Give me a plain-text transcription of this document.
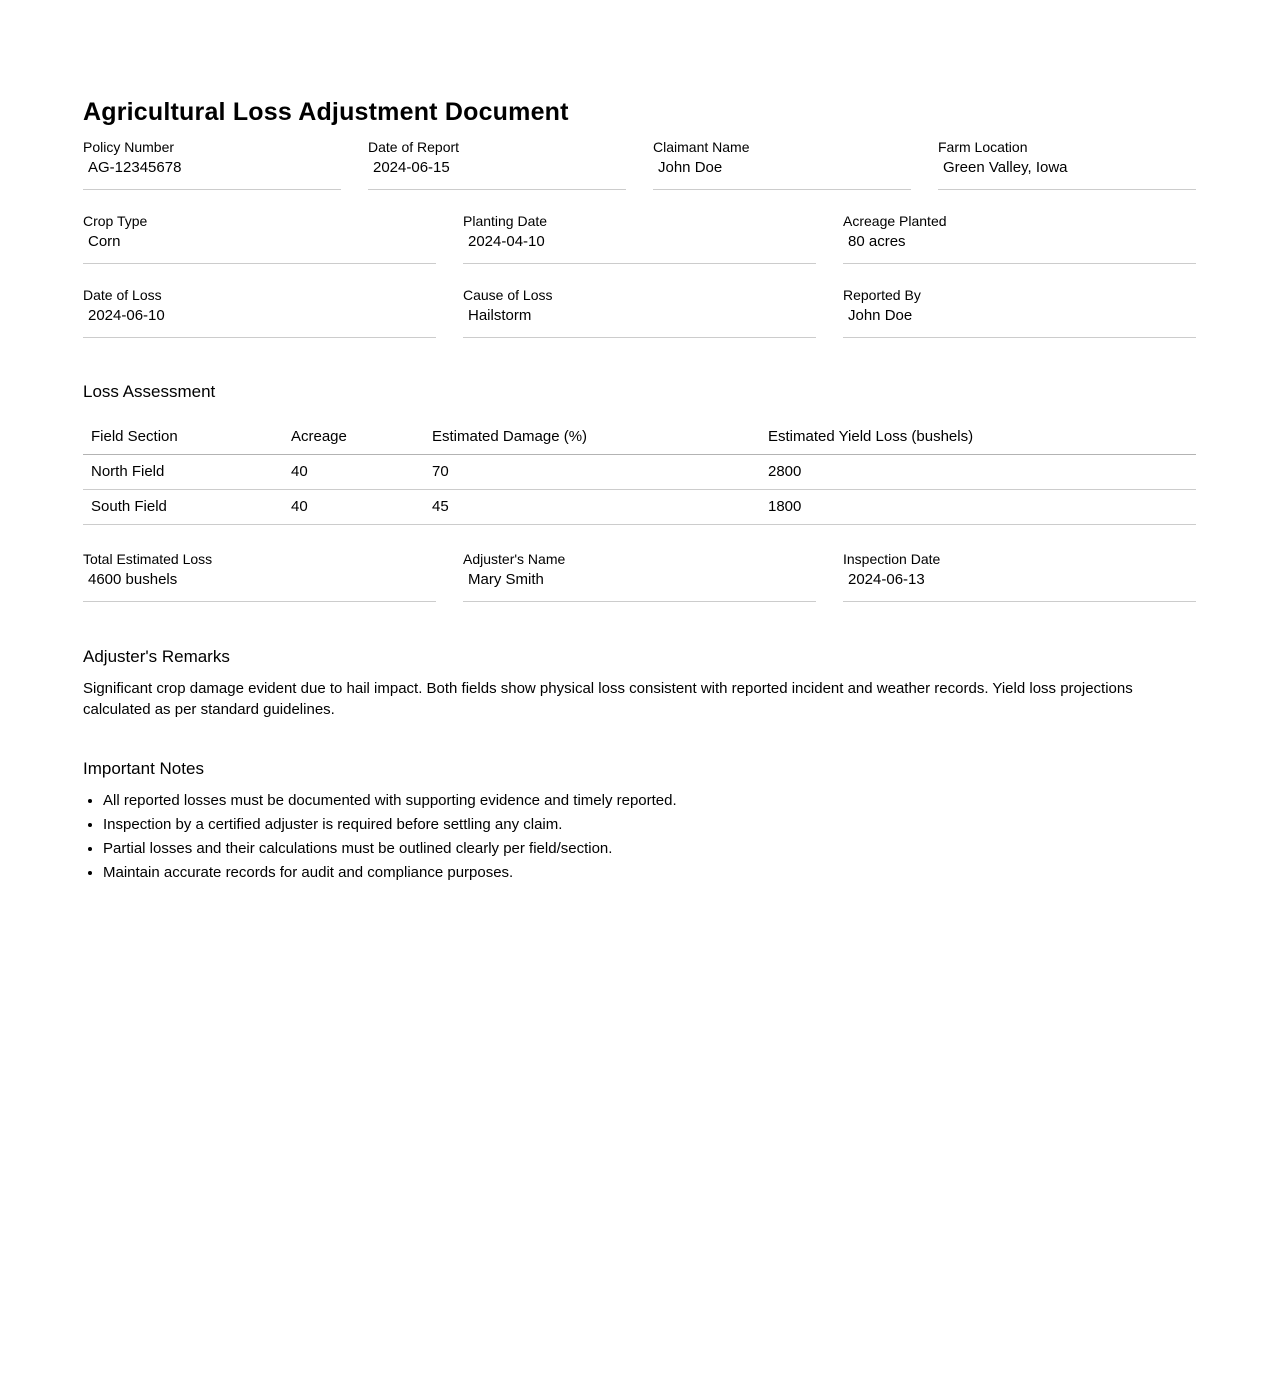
Agricultural Loss Adjustment Document
Policy Number
AG-12345678
Date of Report
2024-06-15
Claimant Name
John Doe
Farm Location
Green Valley, Iowa
Crop Type
Corn
Planting Date
2024-04-10
Acreage Planted
80 acres
Date of Loss
2024-06-10
Cause of Loss
Hailstorm
Reported By
John Doe
Loss Assessment
Field Section	Acreage	Estimated Damage (%)	Estimated Yield Loss (bushels)
North Field	40	70	2800
South Field	40	45	1800
Total Estimated Loss
4600 bushels
Adjuster's Name
Mary Smith
Inspection Date
2024-06-13
Adjuster's Remarks

Significant crop damage evident due to hail impact. Both fields show physical loss consistent with reported incident and weather records. Yield loss projections calculated as per standard guidelines.

Important Notes
• All reported losses must be documented with supporting evidence and timely reported.
• Inspection by a certified adjuster is required before settling any claim.
• Partial losses and their calculations must be outlined clearly per field/section.
• Maintain accurate records for audit and compliance purposes.
